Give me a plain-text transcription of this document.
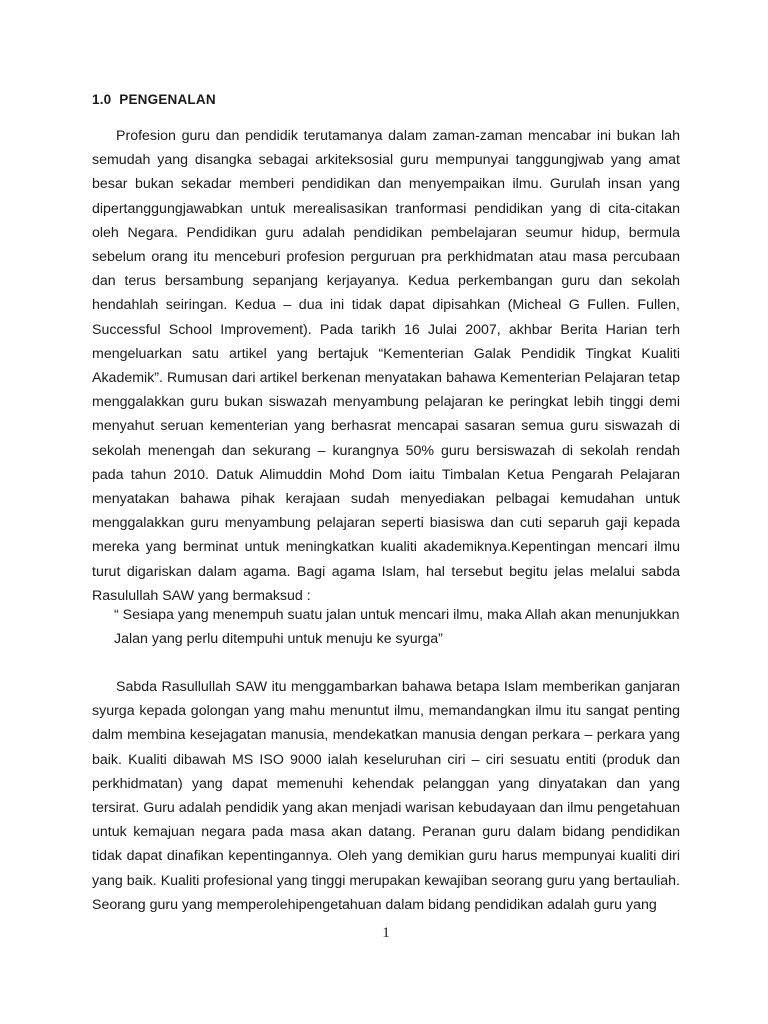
1.0  PENGENALAN

Profesion guru dan pendidik terutamanya dalam zaman-zaman mencabar ini bukan lah semudah yang disangka sebagai arkiteksosial guru mempunyai tanggungjwab yang amat besar bukan sekadar memberi pendidikan dan menyempaikan ilmu. Gurulah insan yang dipertanggungjawabkan untuk merealisasikan tranformasi pendidikan yang di cita-citakan oleh Negara. Pendidikan guru adalah pendidikan pembelajaran seumur hidup, bermula sebelum orang itu menceburi profesion perguruan pra perkhidmatan atau masa percubaan dan terus bersambung sepanjang kerjayanya. Kedua perkembangan guru dan sekolah hendahlah seiringan. Kedua – dua ini tidak dapat dipisahkan (Micheal G Fullen. Fullen, Successful School Improvement). Pada tarikh 16 Julai 2007, akhbar Berita Harian terh mengeluarkan satu artikel yang bertajuk “Kementerian Galak Pendidik Tingkat Kualiti Akademik”. Rumusan dari artikel berkenan menyatakan bahawa Kementerian Pelajaran tetap menggalakkan guru bukan siswazah menyambung pelajaran ke peringkat lebih tinggi demi menyahut seruan kementerian yang berhasrat mencapai sasaran semua guru siswazah di sekolah menengah dan sekurang – kurangnya 50% guru bersiswazah di sekolah rendah pada tahun 2010. Datuk Alimuddin Mohd Dom iaitu Timbalan Ketua Pengarah Pelajaran menyatakan bahawa pihak kerajaan sudah menyediakan pelbagai kemudahan untuk menggalakkan guru menyambung pelajaran seperti biasiswa dan cuti separuh gaji kepada mereka yang berminat untuk meningkatkan kualiti akademiknya.Kepentingan mencari ilmu turut digariskan dalam agama. Bagi agama Islam, hal tersebut begitu jelas melalui sabda Rasulullah SAW yang bermaksud :

“ Sesiapa yang menempuh suatu jalan untuk mencari ilmu, maka Allah akan menunjukkan Jalan yang perlu ditempuhi untuk menuju ke syurga”

Sabda Rasullullah SAW itu menggambarkan bahawa betapa Islam memberikan ganjaran syurga kepada golongan yang mahu menuntut ilmu, memandangkan ilmu itu sangat penting dalm membina kesejagatan manusia, mendekatkan manusia dengan perkara – perkara yang baik. Kualiti dibawah MS ISO 9000 ialah keseluruhan ciri – ciri sesuatu entiti (produk dan perkhidmatan) yang dapat memenuhi kehendak pelanggan yang dinyatakan dan yang tersirat. Guru adalah pendidik yang akan menjadi warisan kebudayaan dan ilmu pengetahuan untuk kemajuan negara pada masa akan datang. Peranan guru dalam bidang pendidikan tidak dapat dinafikan kepentingannya. Oleh yang demikian guru harus mempunyai kualiti diri yang baik. Kualiti profesional yang tinggi merupakan kewajiban seorang guru yang bertauliah. Seorang guru yang memperolehipengetahuan dalam bidang pendidikan adalah guru yang

1
